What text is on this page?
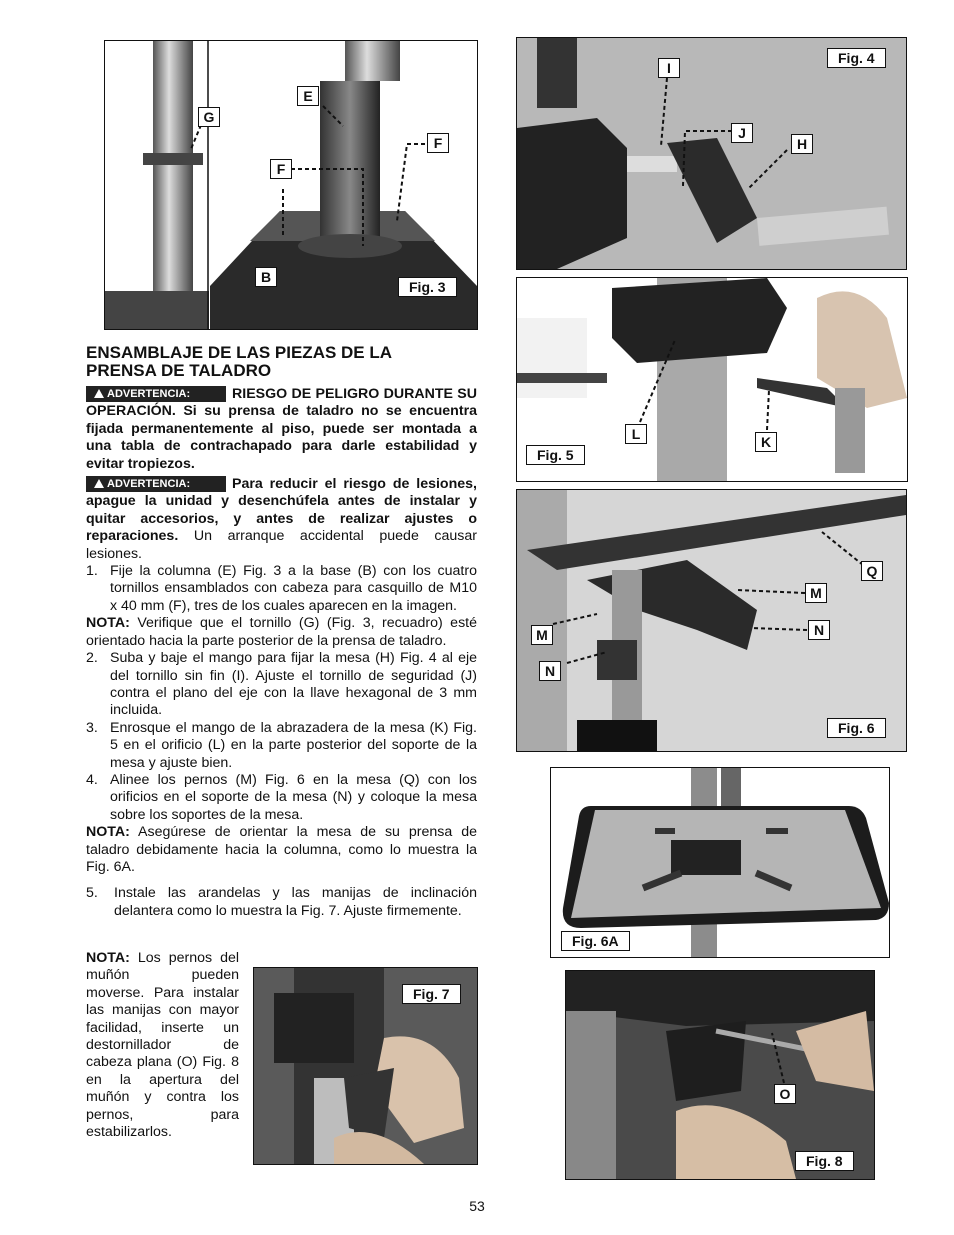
G
E
F
F
B
Fig. 3
I
J
H
Fig. 4
L	K
Fig. 5
Q
M
N
M
N
Fig. 6
Fig. 6A
Fig. 7
O
Fig. 8

ENSAMBLAJE DE LAS PIEZAS DE LA
PRENSA DE TALADRO

ADVERTENCIA:	RIESGO DE PELIGRO DURANTE SU OPERACIÓN. Si su prensa de taladro no se encuentra fijada permanentemente al piso, puede ser montada a una tabla de contrachapado para darle estabilidad y evitar tropiezos.

ADVERTENCIA:	Para reducir el riesgo de lesiones, apague la unidad y desenchúfela antes de instalar y quitar accesorios, y antes de realizar ajustes o reparaciones. Un arranque accidental puede causar lesiones.

1. Fije la columna (E) Fig. 3 a la base (B) con los cuatro tornillos ensamblados con cabeza para casquillo de M10 x 40 mm (F), tres de los cuales aparecen en la imagen.

NOTA: Verifique que el tornillo (G) (Fig. 3, recuadro) esté orientado hacia la parte posterior de la prensa de taladro.

2. Suba y baje el mango para fijar la mesa (H) Fig. 4 al eje del tornillo sin fin (I). Ajuste el tornillo de seguridad (J) contra el plano del eje con la llave hexagonal de 3 mm incluida.
3. Enrosque el mango de la abrazadera de la mesa (K) Fig. 5 en el orificio (L) en la parte posterior del soporte de la mesa y ajuste bien.
4. Alinee los pernos (M) Fig. 6 en la mesa (Q) con los orificios en el soporte de la mesa (N) y coloque la mesa sobre los soportes de la mesa.

NOTA: Asegúrese de orientar la mesa de su prensa de taladro debidamente hacia la columna, como lo muestra la Fig. 6A.

5.	Instale las arandelas y las manijas de inclinación delantera como lo muestra la Fig. 7. Ajuste firmemente.

NOTA: Los pernos del muñón pueden moverse. Para instalar las manijas con mayor facilidad, inserte un destornillador de cabeza plana (O) Fig. 8 en la apertura del muñón y contra los pernos, para estabilizarlos.

53
